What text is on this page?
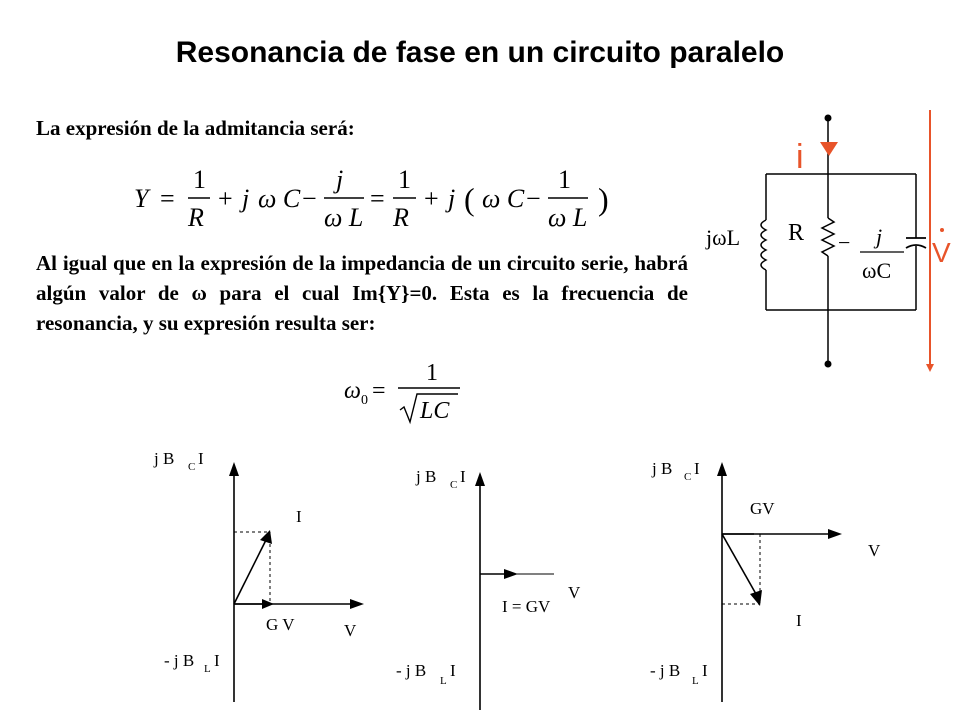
Resonancia de fase en un circuito paralelo
La expresión de la admitancia será:
Y =
1
R
+ j ω C −
j
ω L
=
1
R
+ j ( ω C −
1
ω L
)
Al igual que en la expresión de la impedancia de un circuito serie, habrá algún valor de ω para el cual Im{Y}=0. Esta es la frecuencia de resonancia, y su expresión resulta ser:
ω 0 =
1
LC
jωL R − j
ωC
i
V
j B C I
I
G V	V
- j B L I
j B C I
V
I = GV
- j B
L
I
j B C I
GV
V
I
- j B
L
I
